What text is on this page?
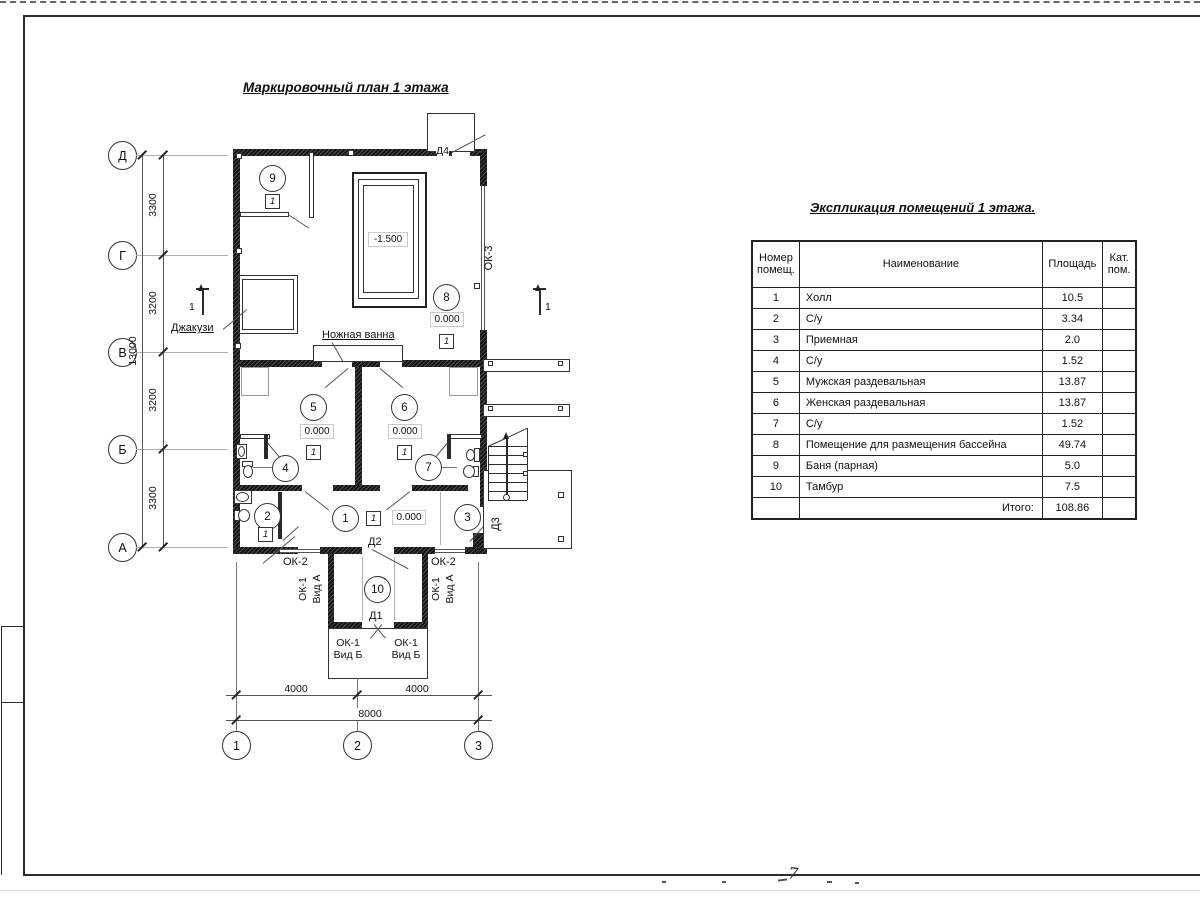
Маркировочный план 1 этажа
Д
Г
В
Б
А
3300
3200
3200
3300
13000
1	1
Д4
-1.500
Джакузи
Ножная ванна
1
2	3
4
5	6
7
8
9
10
1
1
1	1
1
1
0.000	0.000
0.000
0.000
ОК-3
Д3
Д2
Д1
ОК-2	ОК-2
ОК-1 Вид А	ОК-1 Вид А
ОК-1
Вид Б
ОК-1
Вид Б
4000	4000
8000
1	2	3
Экспликация помещений 1 этажа.
Номер
помещ.	Наименование	Площадь	Кат.
пом.

1	Холл	10.5	
2	С/у	3.34	
3	Приемная	2.0	
4	С/у	1.52	
5	Мужская раздевальная	13.87	
6	Женская раздевальная	13.87	
7	С/у	1.52	
8	Помещение для размещения бассейна	49.74	
9	Баня (парная)	5.0	
10	Тамбур	7.5	
	Итого:	108.86	
7
